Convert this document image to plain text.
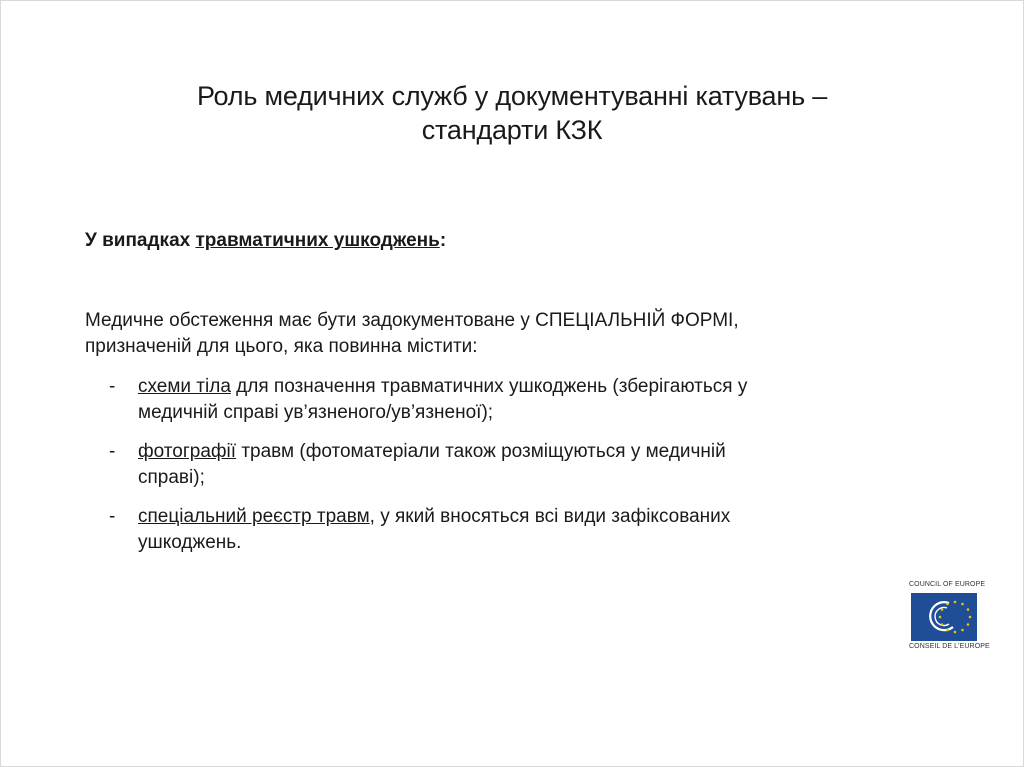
Роль медичних служб у документуванні катувань –
стандарти КЗК
У випадках травматичних ушкоджень:
Медичне обстеження має бути задокументоване у СПЕЦІАЛЬНІЙ ФОРМІ,
призначеній для цього, яка повинна містити:
- схеми тіла для позначення травматичних ушкоджень (зберігаються у
медичній справі ув’язненого/ув’язненої);
- фотографії травм (фотоматеріали також розміщуються у медичній
справі);
- спеціальний реєстр травм, у який вносяться всі види зафіксованих
ушкоджень.
COUNCIL OF EUROPE
CONSEIL DE L'EUROPE
